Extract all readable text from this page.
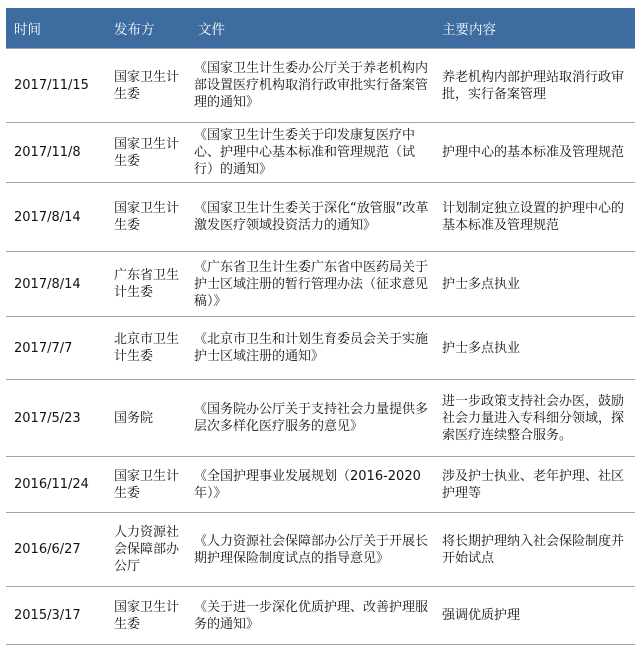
时间	发布方	文件	主要内容
2017/11/15	国家卫生计生委	《国家卫生计生委办公厅关于养老机构内部设置医疗机构取消行政审批实行备案管理的通知》	养老机构内部护理站取消行政审批，实行备案管理
2017/11/8	国家卫生计生委	《国家卫生计生委关于印发康复医疗中心、护理中心基本标准和管理规范（试行）的通知》	护理中心的基本标准及管理规范
2017/8/14	国家卫生计生委	《国家卫生计生委关于深化“放管服”改革激发医疗领域投资活力的通知》	计划制定独立设置的护理中心的基本标准及管理规范
2017/8/14	广东省卫生计生委	《广东省卫生计生委广东省中医药局关于护士区域注册的暂行管理办法（征求意见稿）》	护士多点执业
2017/7/7	北京市卫生计生委	《北京市卫生和计划生育委员会关于实施护士区域注册的通知》	护士多点执业
2017/5/23	国务院	《国务院办公厅关于支持社会力量提供多层次多样化医疗服务的意见》	进一步政策支持社会办医，鼓励社会力量进入专科细分领域，探索医疗连续整合服务。
2016/11/24	国家卫生计生委	《全国护理事业发展规划（2016-2020年）》	涉及护士执业、老年护理、社区护理等
2016/6/27	人力资源社会保障部办公厅	《人力资源社会保障部办公厅关于开展长期护理保险制度试点的指导意见》	将长期护理纳入社会保险制度并开始试点
2015/3/17	国家卫生计生委	《关于进一步深化优质护理、改善护理服务的通知》	强调优质护理
